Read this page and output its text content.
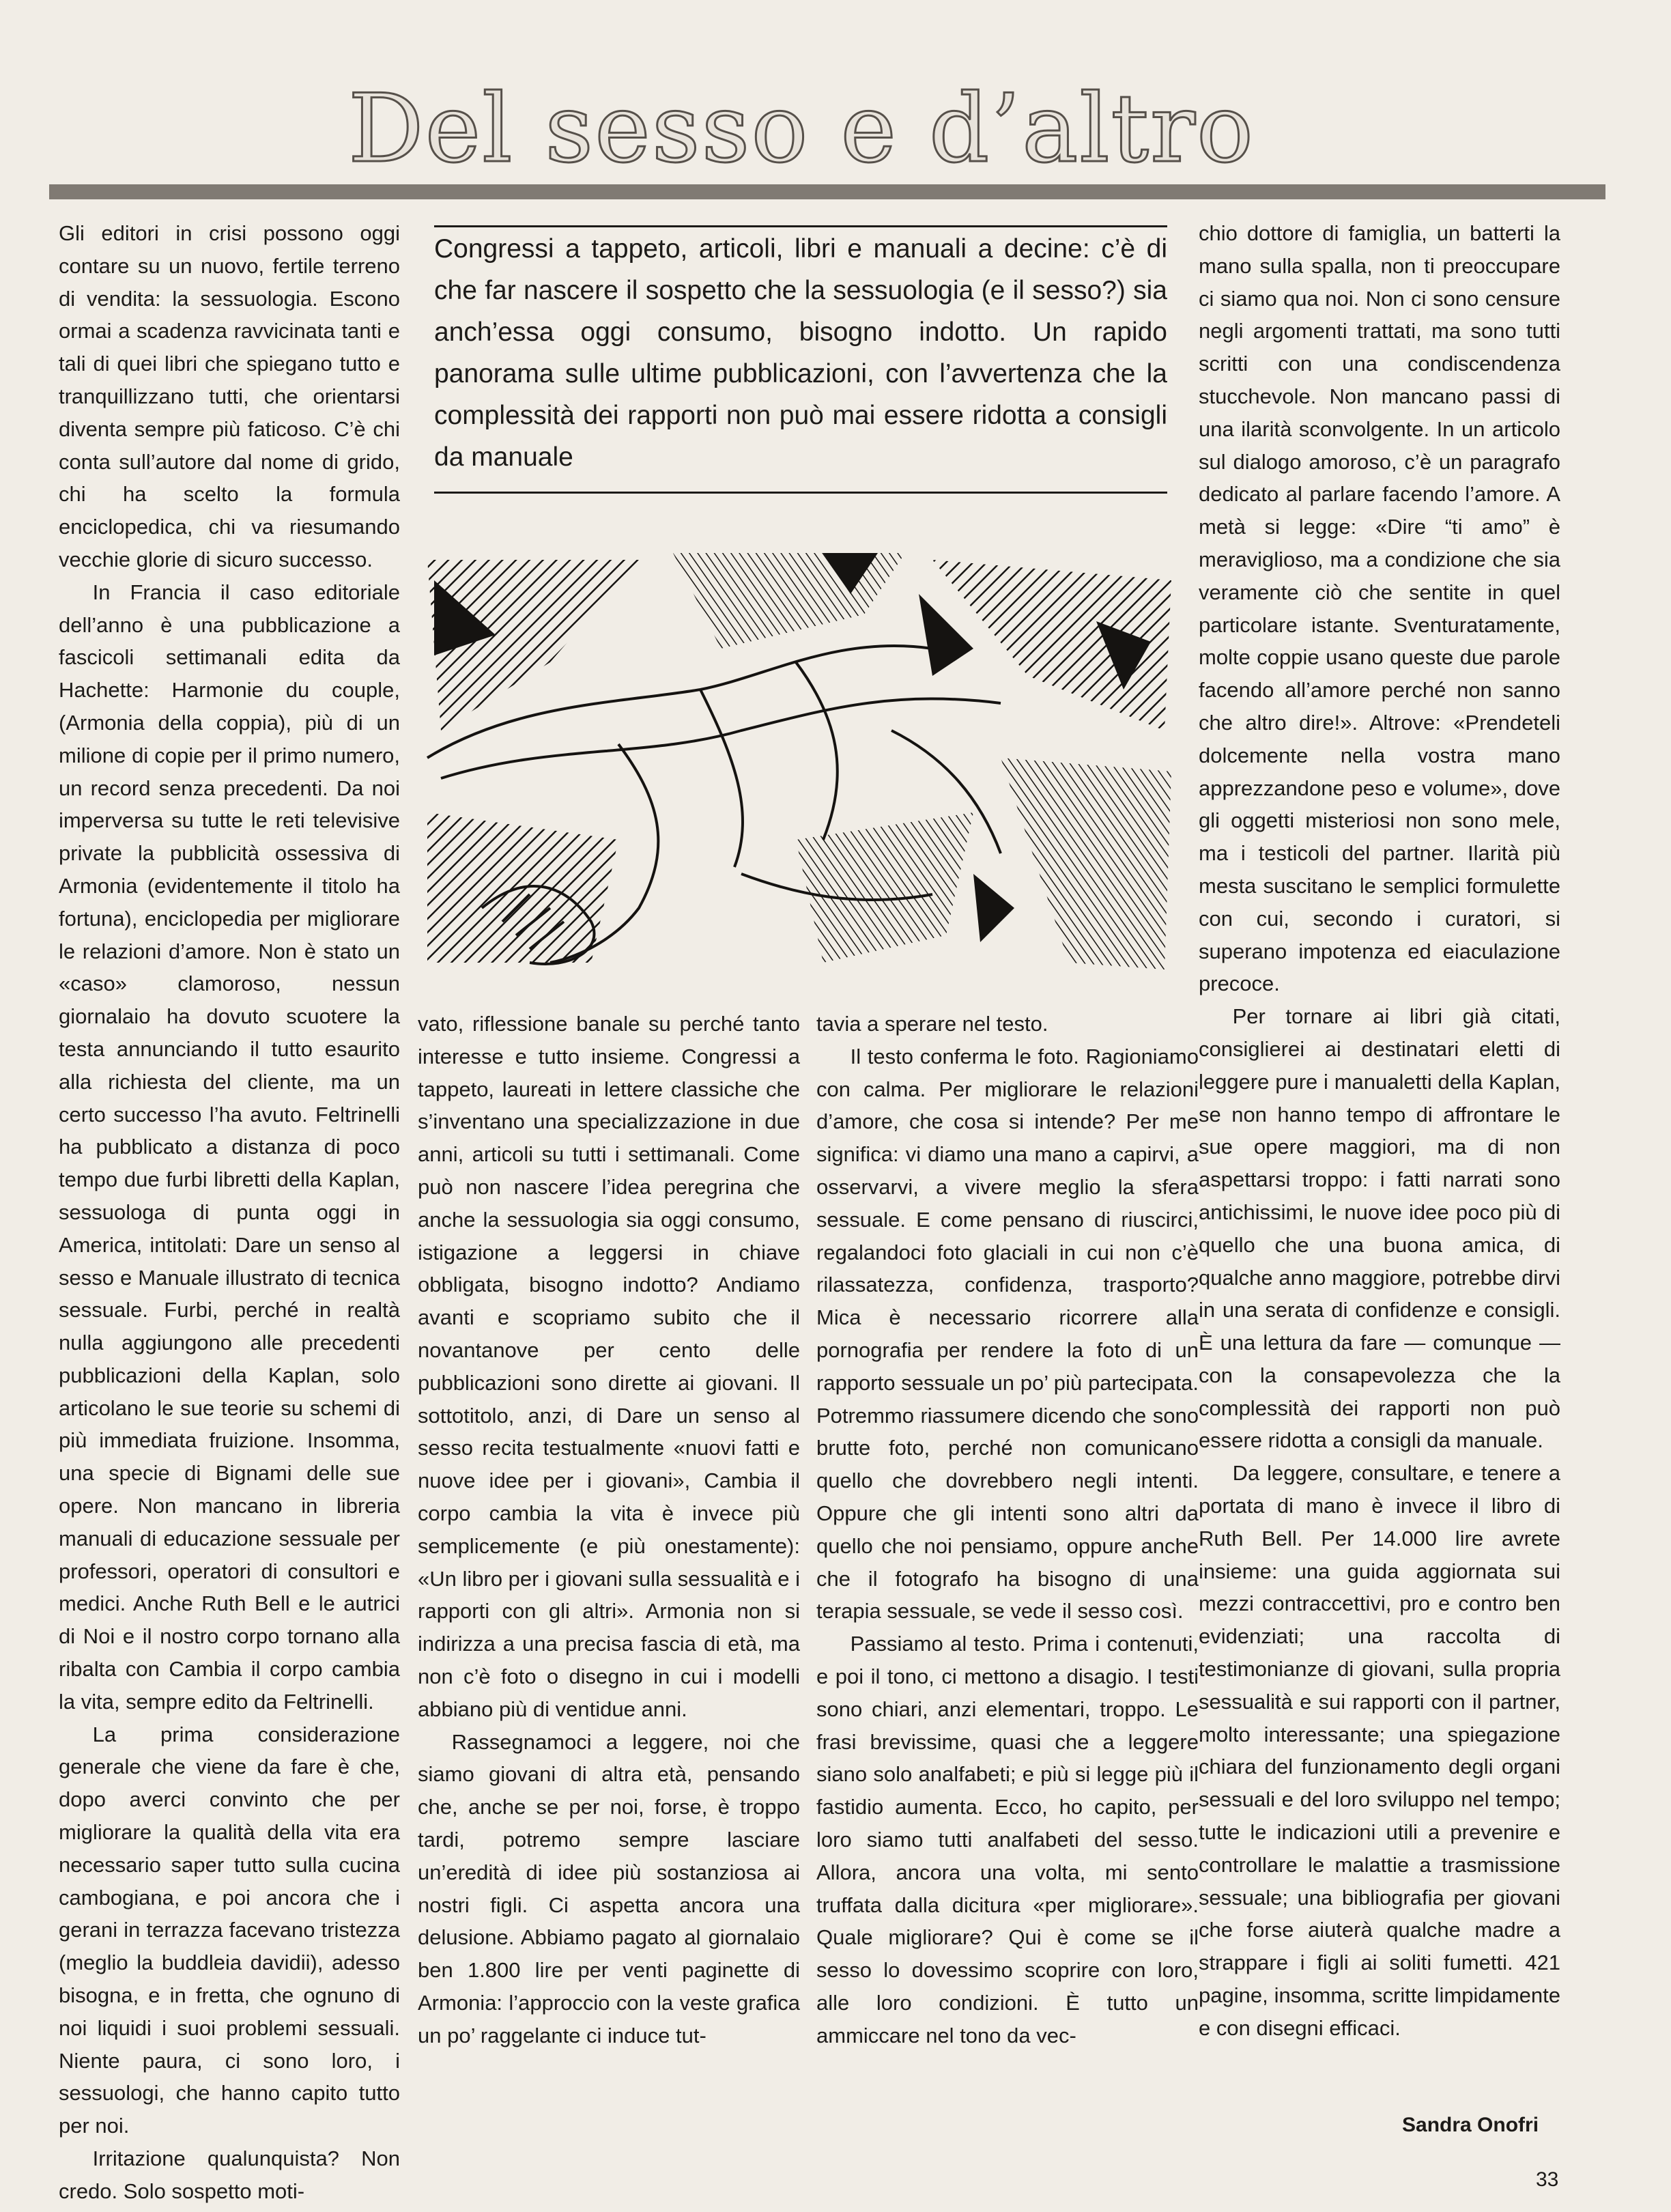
Del sesso e d’altro

Gli editori in crisi possono oggi contare su un nuovo, fertile terreno di vendita: la sessuologia. Escono ormai a scadenza ravvicinata tanti e tali di quei libri che spiegano tutto e tranquillizzano tutti, che orientarsi diventa sempre più faticoso. C’è chi conta sull’autore dal nome di grido, chi ha scelto la formula enciclopedica, chi va riesumando vecchie glorie di sicuro successo.

In Francia il caso editoriale dell’anno è una pubblicazione a fascicoli settimanali edita da Hachette: Harmonie du couple, (Armonia della coppia), più di un milione di copie per il primo numero, un record senza precedenti. Da noi imperversa su tutte le reti televisive private la pubblicità ossessiva di Armonia (evidentemente il titolo ha fortuna), enciclopedia per migliorare le relazioni d’amore. Non è stato un «caso» clamoroso, nessun giornalaio ha dovuto scuotere la testa annunciando il tutto esaurito alla richiesta del cliente, ma un certo successo l’ha avuto. Feltrinelli ha pubblicato a distanza di poco tempo due furbi libretti della Kaplan, sessuologa di punta oggi in America, intitolati: Dare un senso al sesso e Manuale illustrato di tecnica sessuale. Furbi, perché in realtà nulla aggiungono alle precedenti pubblicazioni della Kaplan, solo articolano le sue teorie su schemi di più immediata fruizione. Insomma, una specie di Bignami delle sue opere. Non mancano in libreria manuali di educazione sessuale per professori, operatori di consultori e medici. Anche Ruth Bell e le autrici di Noi e il nostro corpo tornano alla ribalta con Cambia il corpo cambia la vita, sempre edito da Feltrinelli.

La prima considerazione generale che viene da fare è che, dopo averci convinto che per migliorare la qualità della vita era necessario saper tutto sulla cucina cambogiana, e poi ancora che i gerani in terrazza facevano tristezza (meglio la buddleia davidii), adesso bisogna, e in fretta, che ognuno di noi liquidi i suoi problemi sessuali. Niente paura, ci sono loro, i sessuologi, che hanno capito tutto per noi.

Irritazione qualunquista? Non credo. Solo sospetto moti-

Congressi a tappeto, articoli, libri e manuali a decine: c’è di che far nascere il sospetto che la sessuologia (e il sesso?) sia anch’essa oggi consumo, bisogno indotto. Un rapido panorama sulle ultime pubblicazioni, con l’avvertenza che la complessità dei rapporti non può mai essere ridotta a consigli da manuale

vato, riflessione banale su perché tanto interesse e tutto insieme. Congressi a tappeto, laureati in lettere classiche che s’inventano una specializzazione in due anni, articoli su tutti i settimanali. Come può non nascere l’idea peregrina che anche la sessuologia sia oggi consumo, istigazione a leggersi in chiave obbligata, bisogno indotto? Andiamo avanti e scopriamo subito che il novantanove per cento delle pubblicazioni sono dirette ai giovani. Il sottotitolo, anzi, di Dare un senso al sesso recita testualmente «nuovi fatti e nuove idee per i giovani», Cambia il corpo cambia la vita è invece più semplicemente (e più onestamente): «Un libro per i giovani sulla sessualità e i rapporti con gli altri». Armonia non si indirizza a una precisa fascia di età, ma non c’è foto o disegno in cui i modelli abbiano più di ventidue anni.

Rassegnamoci a leggere, noi che siamo giovani di altra età, pensando che, anche se per noi, forse, è troppo tardi, potremo sempre lasciare un’eredità di idee più sostanziosa ai nostri figli. Ci aspetta ancora una delusione. Abbiamo pagato al giornalaio ben 1.800 lire per venti paginette di Armonia: l’approccio con la veste grafica un po’ raggelante ci induce tut-

tavia a sperare nel testo.

Il testo conferma le foto. Ragioniamo con calma. Per migliorare le relazioni d’amore, che cosa si intende? Per me significa: vi diamo una mano a capirvi, a osservarvi, a vivere meglio la sfera sessuale. E come pensano di riuscirci, regalandoci foto glaciali in cui non c’è rilassatezza, confidenza, trasporto? Mica è necessario ricorrere alla pornografia per rendere la foto di un rapporto sessuale un po’ più partecipata. Potremmo riassumere dicendo che sono brutte foto, perché non comunicano quello che dovrebbero negli intenti. Oppure che gli intenti sono altri da quello che noi pensiamo, oppure anche che il fotografo ha bisogno di una terapia sessuale, se vede il sesso così.

Passiamo al testo. Prima i contenuti, e poi il tono, ci mettono a disagio. I testi sono chiari, anzi elementari, troppo. Le frasi brevissime, quasi che a leggere siano solo analfabeti; e più si legge più il fastidio aumenta. Ecco, ho capito, per loro siamo tutti analfabeti del sesso. Allora, ancora una volta, mi sento truffata dalla dicitura «per migliorare». Quale migliorare? Qui è come se il sesso lo dovessimo scoprire con loro, alle loro condizioni. È tutto un ammiccare nel tono da vec-

chio dottore di famiglia, un batterti la mano sulla spalla, non ti preoccupare ci siamo qua noi. Non ci sono censure negli argomenti trattati, ma sono tutti scritti con una condiscendenza stucchevole. Non mancano passi di una ilarità sconvolgente. In un articolo sul dialogo amoroso, c’è un paragrafo dedicato al parlare facendo l’amore. A metà si legge: «Dire “ti amo” è meraviglioso, ma a condizione che sia veramente ciò che sentite in quel particolare istante. Sventuratamente, molte coppie usano queste due parole facendo all’amore perché non sanno che altro dire!». Altrove: «Prendeteli dolcemente nella vostra mano apprezzandone peso e volume», dove gli oggetti misteriosi non sono mele, ma i testicoli del partner. Ilarità più mesta suscitano le semplici formulette con cui, secondo i curatori, si superano impotenza ed eiaculazione precoce.

Per tornare ai libri già citati, consiglierei ai destinatari eletti di leggere pure i manualetti della Kaplan, se non hanno tempo di affrontare le sue opere maggiori, ma di non aspettarsi troppo: i fatti narrati sono antichissimi, le nuove idee poco più di quello che una buona amica, di qualche anno maggiore, potrebbe dirvi in una serata di confidenze e consigli. È una lettura da fare — comunque — con la consapevolezza che la complessità dei rapporti non può essere ridotta a consigli da manuale.

Da leggere, consultare, e tenere a portata di mano è invece il libro di Ruth Bell. Per 14.000 lire avrete insieme: una guida aggiornata sui mezzi contraccettivi, pro e contro ben evidenziati; una raccolta di testimonianze di giovani, sulla propria sessualità e sui rapporti con il partner, molto interessante; una spiegazione chiara del funzionamento degli organi sessuali e del loro sviluppo nel tempo; tutte le indicazioni utili a prevenire e controllare le malattie a trasmissione sessuale; una bibliografia per giovani che forse aiuterà qualche madre a strappare i figli ai soliti fumetti. 421 pagine, insomma, scritte limpidamente e con disegni efficaci.

Sandra Onofri
33
